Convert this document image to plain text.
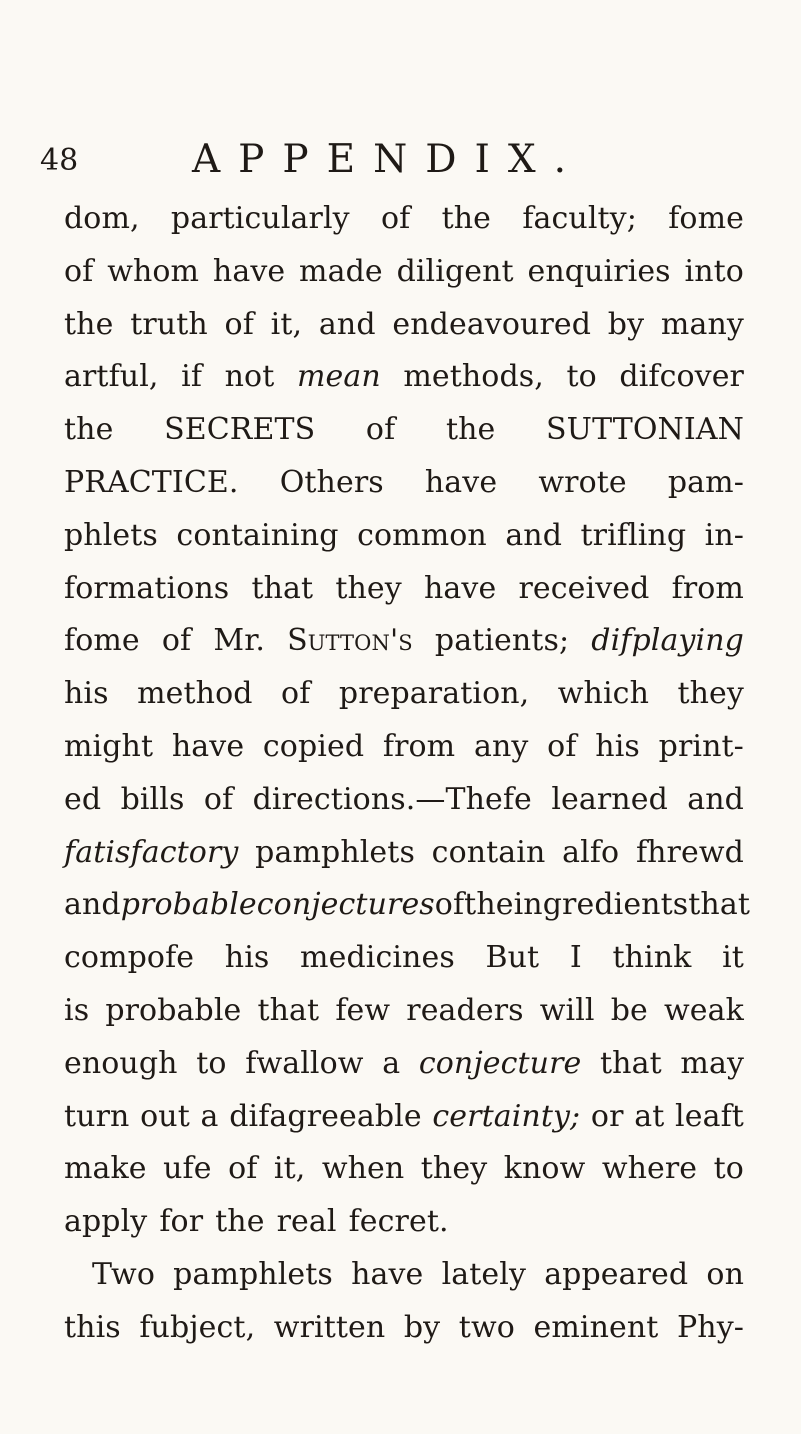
48	APPENDIX.
dom, particularly of the faculty; fome
of whom have made diligent enquiries into
the truth of it, and endeavoured by many
artful, if not mean methods, to difcover
the SECRETS of the SUTTONIAN
PRACTICE. Others have wrote pam-
phlets containing common and trifling in-
formations that they have received from
fome of Mr. Sutton's patients; difplaying
his method of preparation, which they
might have copied from any of his print-
ed bills of directions.—Thefe learned and
fatisfactory pamphlets contain alfo fhrewd
and probable conjectures of the ingredients that
compofe his medicines But I think it
is probable that few readers will be weak
enough to fwallow a conjecture that may
turn out a difagreeable certainty; or at leaft
make ufe of it, when they know where to
apply for the real fecret.
Two pamphlets have lately appeared on
this fubject, written by two eminent Phy-
